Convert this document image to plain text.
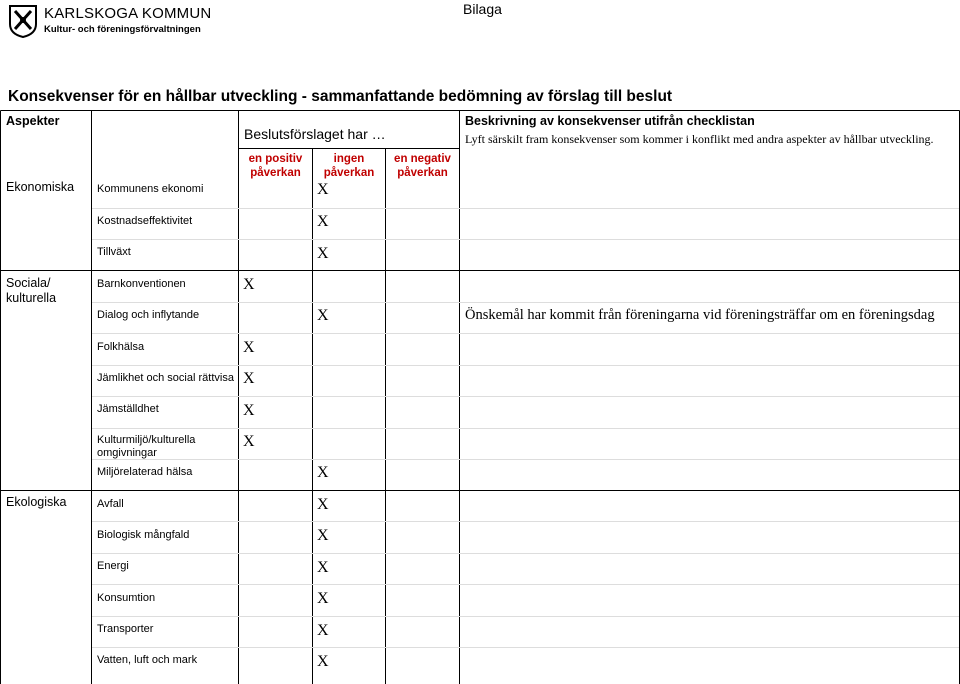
KARLSKOGA KOMMUN
Kultur- och föreningsförvaltningen
Bilaga
Konsekvenser för en hållbar utveckling - sammanfattande bedömning av förslag till beslut
Aspekter
Beslutsförslaget har …
en positiv
påverkan
ingen
påverkan
en negativ
påverkan
Beskrivning av konsekvenser utifrån checklistan
Lyft särskilt fram konsekvenser som kommer i konflikt med andra aspekter av hållbar utveckling.
Ekonomiska
Sociala/
kulturella
Ekologiska
Kommunens ekonomi
Kostnadseffektivitet
Tillväxt
Barnkonventionen
Dialog och inflytande
Folkhälsa
Jämlikhet och social rättvisa
Jämställdhet
Kulturmiljö/kulturella
omgivningar
Miljörelaterad hälsa
Avfall
Biologisk mångfald
Energi
Konsumtion
Transporter
Vatten, luft och mark
X
X
X
X
X
X
X
X
X
X
X
X
X
X
X
X
Önskemål har kommit från föreningarna vid föreningsträffar om en föreningsdag
